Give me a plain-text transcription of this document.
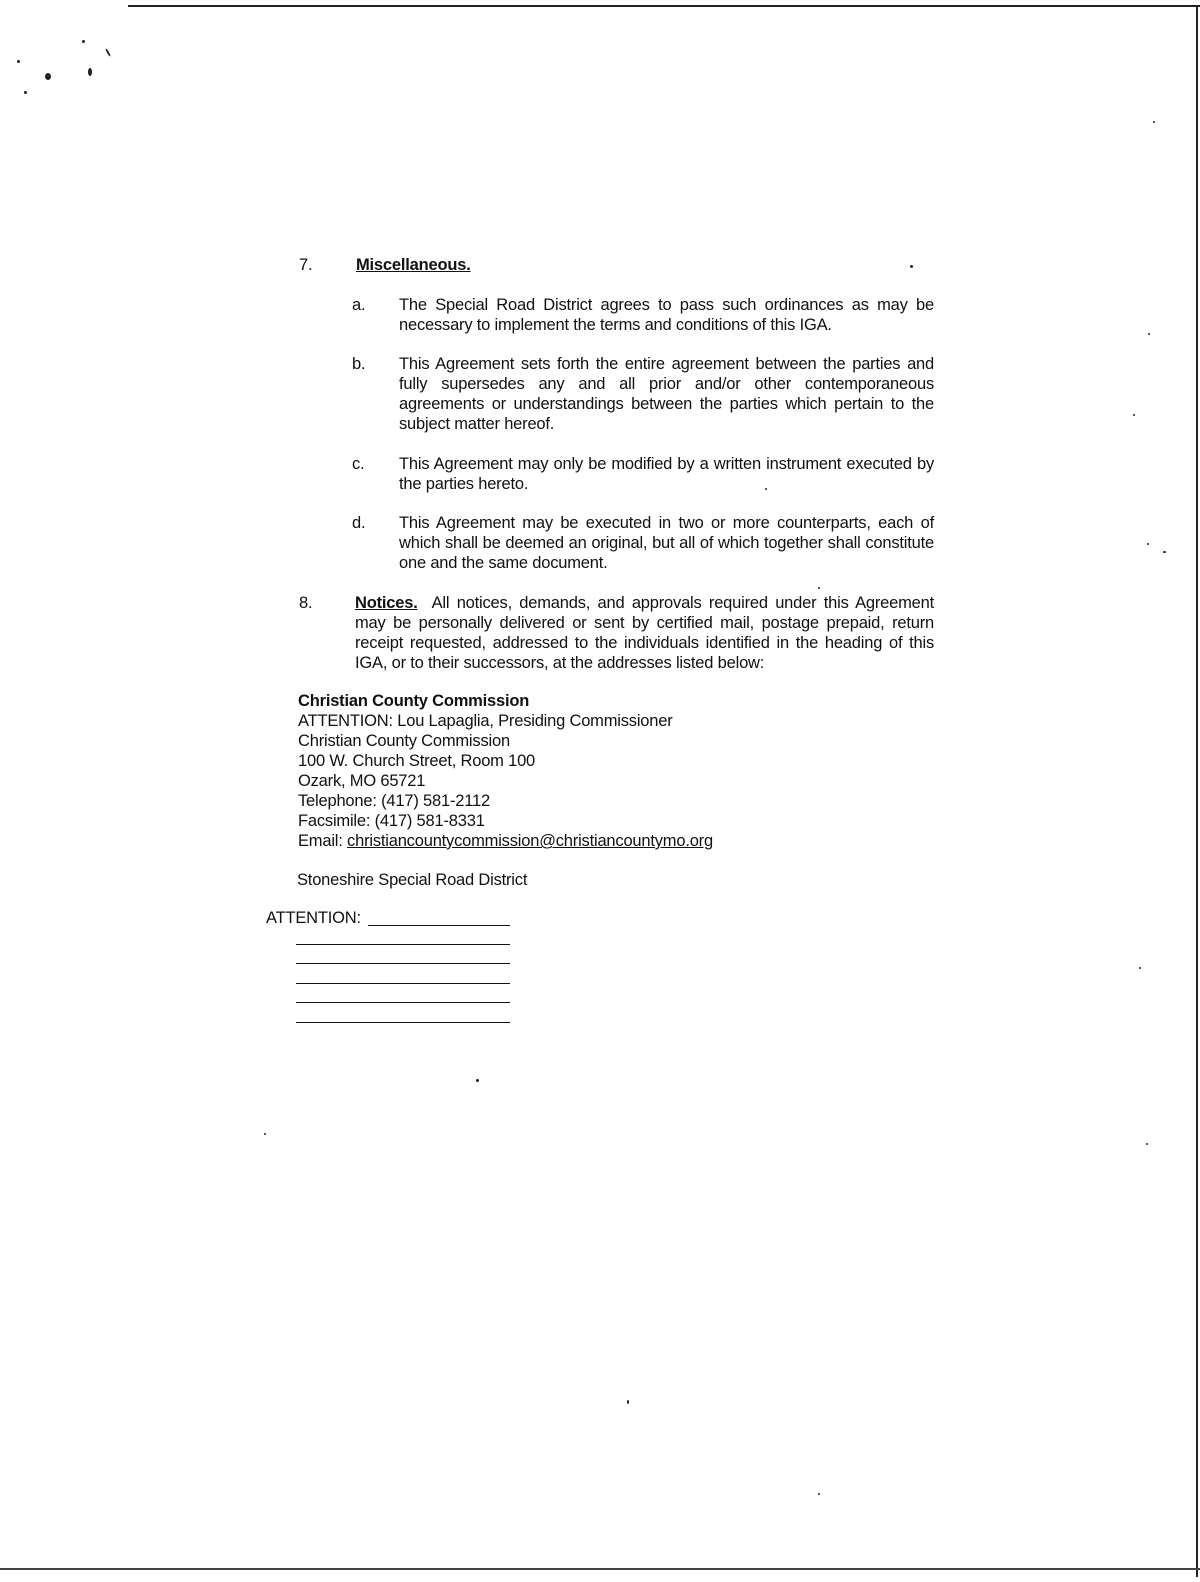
7.	Miscellaneous.
a. The Special Road District agrees to pass such ordinances as may be necessary to implement the terms and conditions of this IGA.
b. This Agreement sets forth the entire agreement between the parties and fully supersedes any and all prior and/or other contemporaneous agreements or understandings between the parties which pertain to the subject matter hereof.
c. This Agreement may only be modified by a written instrument executed by the parties hereto.
d. This Agreement may be executed in two or more counterparts, each of which shall be deemed an original, but all of which together shall constitute one and the same document.
8.	Notices. All notices, demands, and approvals required under this Agreement may be personally delivered or sent by certified mail, postage prepaid, return receipt requested, addressed to the individuals identified in the heading of this IGA, or to their successors, at the addresses listed below:
Christian County Commission
ATTENTION: Lou Lapaglia, Presiding Commissioner
Christian County Commission
100 W. Church Street, Room 100
Ozark, MO 65721
Telephone: (417) 581-2112
Facsimile: (417) 581-8331
Email: christiancountycommission@christiancountymo.org
Stoneshire Special Road District
ATTENTION:
